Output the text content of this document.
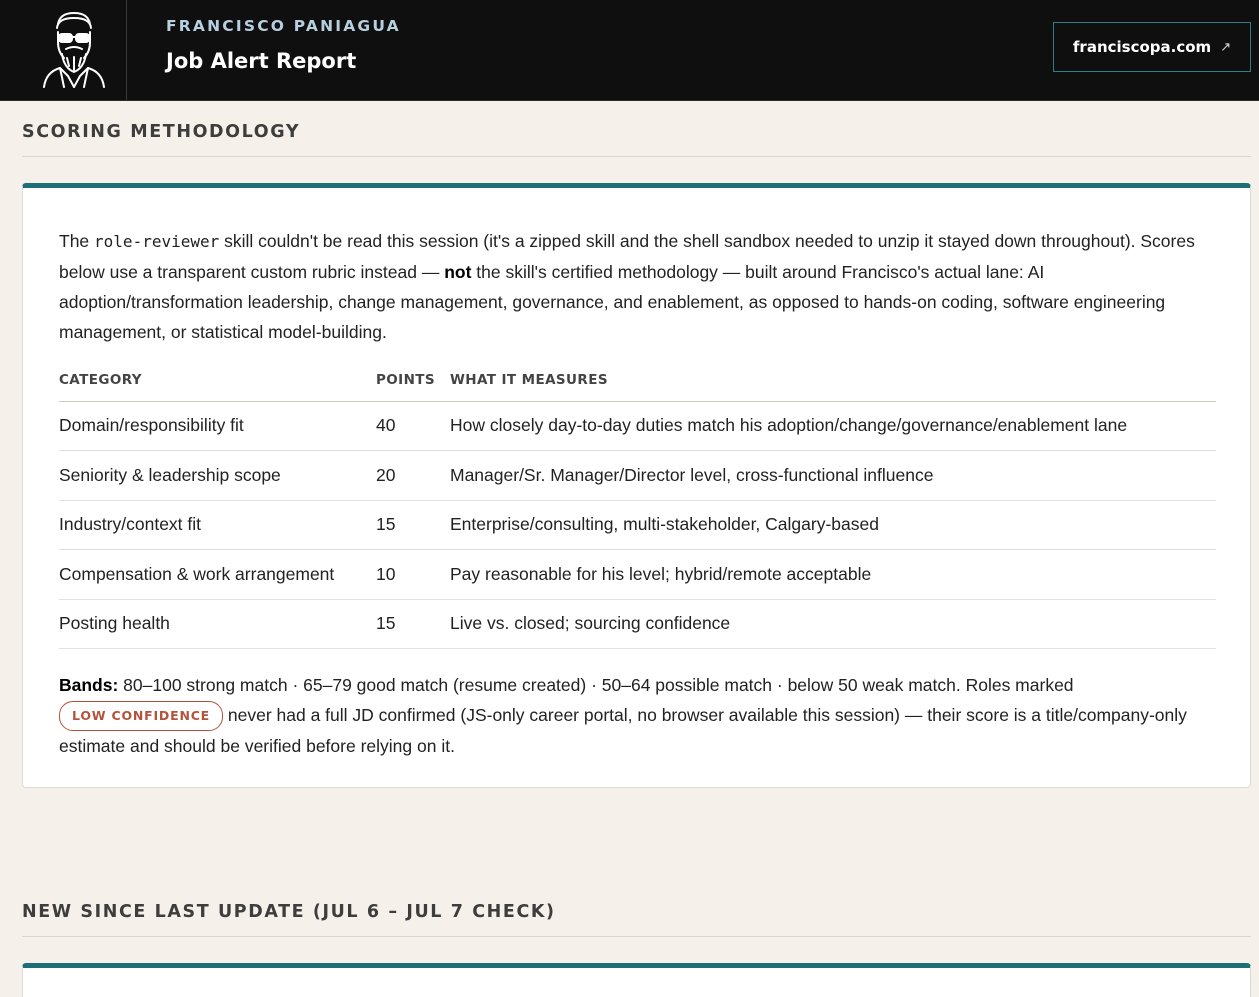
FRANCISCO PANIAGUA
Job Alert Report
franciscopa.com ↗
SCORING METHODOLOGY

The role-reviewer skill couldn't be read this session (it's a zipped skill and the shell sandbox needed to unzip it stayed down throughout). Scores below use a transparent custom rubric instead — not the skill's certified methodology — built around Francisco's actual lane: AI adoption/transformation leadership, change management, governance, and enablement, as opposed to hands-on coding, software engineering management, or statistical model-building.

CATEGORY	POINTS	WHAT IT MEASURES
Domain/responsibility fit	40	How closely day-to-day duties match his adoption/change/governance/enablement lane
Seniority & leadership scope	20	Manager/Sr. Manager/Director level, cross-functional influence
Industry/context fit	15	Enterprise/consulting, multi-stakeholder, Calgary-based
Compensation & work arrangement	10	Pay reasonable for his level; hybrid/remote acceptable
Posting health	15	Live vs. closed; sourcing confidence

Bands: 80–100 strong match · 65–79 good match (resume created) · 50–64 possible match · below 50 weak match. Roles marked LOW CONFIDENCE never had a full JD confirmed (JS-only career portal, no browser available this session) — their score is a title/company-only estimate and should be verified before relying on it.

NEW SINCE LAST UPDATE (JUL 6 – JUL 7 CHECK)
